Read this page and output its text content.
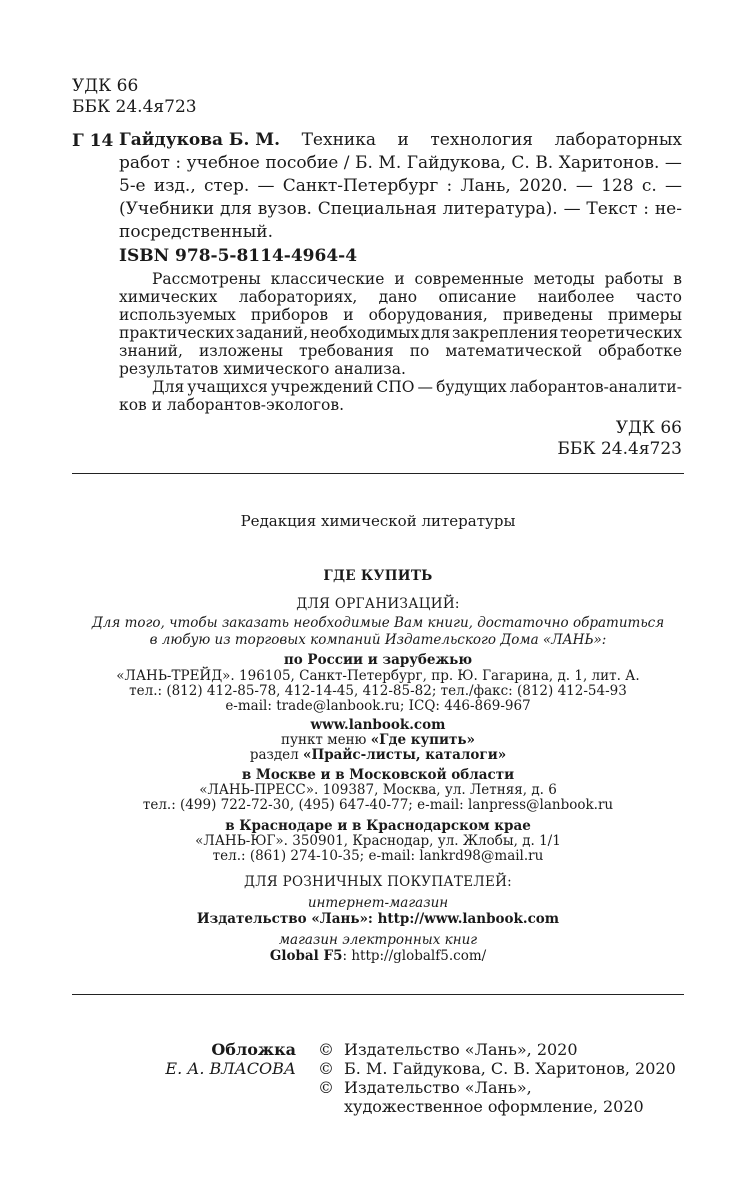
УДК 66
ББК 24.4я723
Г 14 Гайдукова Б. М. Техника и технология лабораторных
работ : учебное пособие / Б. М. Гайдукова, С. В. Харитонов. —
5-е изд., стер. — Санкт-Петербург : Лань, 2020. — 128 с. —
(Учебники для вузов. Специальная литература). — Текст : не-
посредственный.
ISBN 978-5-8114-4964-4
Рассмотрены классические и современные методы работы в
химических лабораториях, дано описание наиболее часто
используемых приборов и оборудования, приведены примеры
практических заданий, необходимых для закрепления теоретических
знаний, изложены требования по математической обработке
результатов химического анализа.
Для учащихся учреждений СПО — будущих лаборантов-аналити-
ков и лаборантов-экологов.
УДК 66
ББК 24.4я723
Редакция химической литературы
ГДЕ КУПИТЬ
ДЛЯ ОРГАНИЗАЦИЙ:
Для того, чтобы заказать необходимые Вам книги, достаточно обратиться
в любую из торговых компаний Издательского Дома «ЛАНЬ»:
по России и зарубежью
«ЛАНЬ-ТРЕЙД». 196105, Санкт-Петербург, пр. Ю. Гагарина, д. 1, лит. А.
тел.: (812) 412-85-78, 412-14-45, 412-85-82; тел./факс: (812) 412-54-93
e-mail: trade@lanbook.ru; ICQ: 446-869-967
www.lanbook.com
пункт меню «Где купить»
раздел «Прайс-листы, каталоги»
в Москве и в Московской области
«ЛАНЬ-ПРЕСС». 109387, Москва, ул. Летняя, д. 6
тел.: (499) 722-72-30, (495) 647-40-77; e-mail: lanpress@lanbook.ru
в Краснодаре и в Краснодарском крае
«ЛАНЬ-ЮГ». 350901, Краснодар, ул. Жлобы, д. 1/1
тел.: (861) 274-10-35; e-mail: lankrd98@mail.ru
ДЛЯ РОЗНИЧНЫХ ПОКУПАТЕЛЕЙ:
интернет-магазин
Издательство «Лань»: http://www.lanbook.com
магазин электронных книг
Global F5: http://globalf5.com/
Обложка
Е. А. ВЛАСОВА
© Издательство «Лань», 2020
© Б. М. Гайдукова, С. В. Харитонов, 2020
© Издательство «Лань»,
художественное оформление, 2020
